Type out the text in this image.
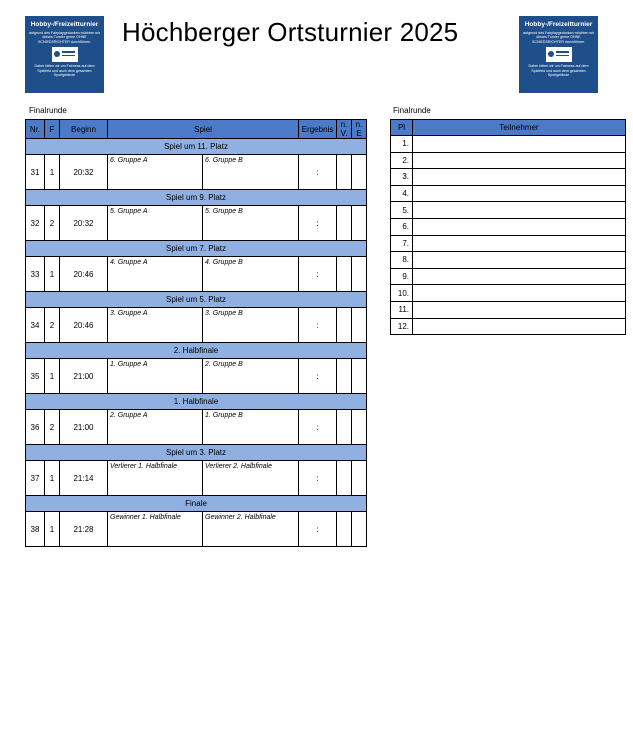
Hobby-/Freizeitturnier
aufgrund des Fairplaygedanken möchten wir dieses Turnier gerne OHNE SCHIEDSRICHTER durchführen.
Daher bitten wir um Fairness auf dem Spielfeld und auch dem gesamten Sportgelände
Höchberger Ortsturnier 2025	Hobby-/Freizeitturnier
aufgrund des Fairplaygedanken möchten wir dieses Turnier gerne OHNE SCHIEDSRICHTER durchführen.
Daher bitten wir um Fairness auf dem Spielfeld und auch dem gesamten Sportgelände
Finalrunde	Finalrunde
Nr.	F	Beginn	Spiel		Ergebnis	n. V.	n. E
Spiel um 11. Platz							
31	1	20:32	6. Gruppe A	6. Gruppe B	:		
Spiel um 9. Platz							
32	2	20:32	5. Gruppe A	5. Gruppe B	:		
Spiel um 7. Platz							
33	1	20:46	4. Gruppe A	4. Gruppe B	:		
Spiel um 5. Platz							
34	2	20:46	3. Gruppe A	3. Gruppe B	:		
2. Halbfinale							
35	1	21:00	1. Gruppe A	2. Gruppe B	:		
1. Halbfinale							
36	2	21:00	2. Gruppe A	1. Gruppe B	:		
Spiel um 3. Platz							
37	1	21:14	Verlierer 1. Halbfinale	Verlierer 2. Halbfinale	:		
Finale							
38	1	21:28	Gewinner 1. Halbfinale	Gewinner 2. Halbfinale	:		
Pl	Teilnehmer
1.	
2.	
3.	
4.	
5.	
6.	
7.	
8.	
9.	
10.	
11.	
12.	
